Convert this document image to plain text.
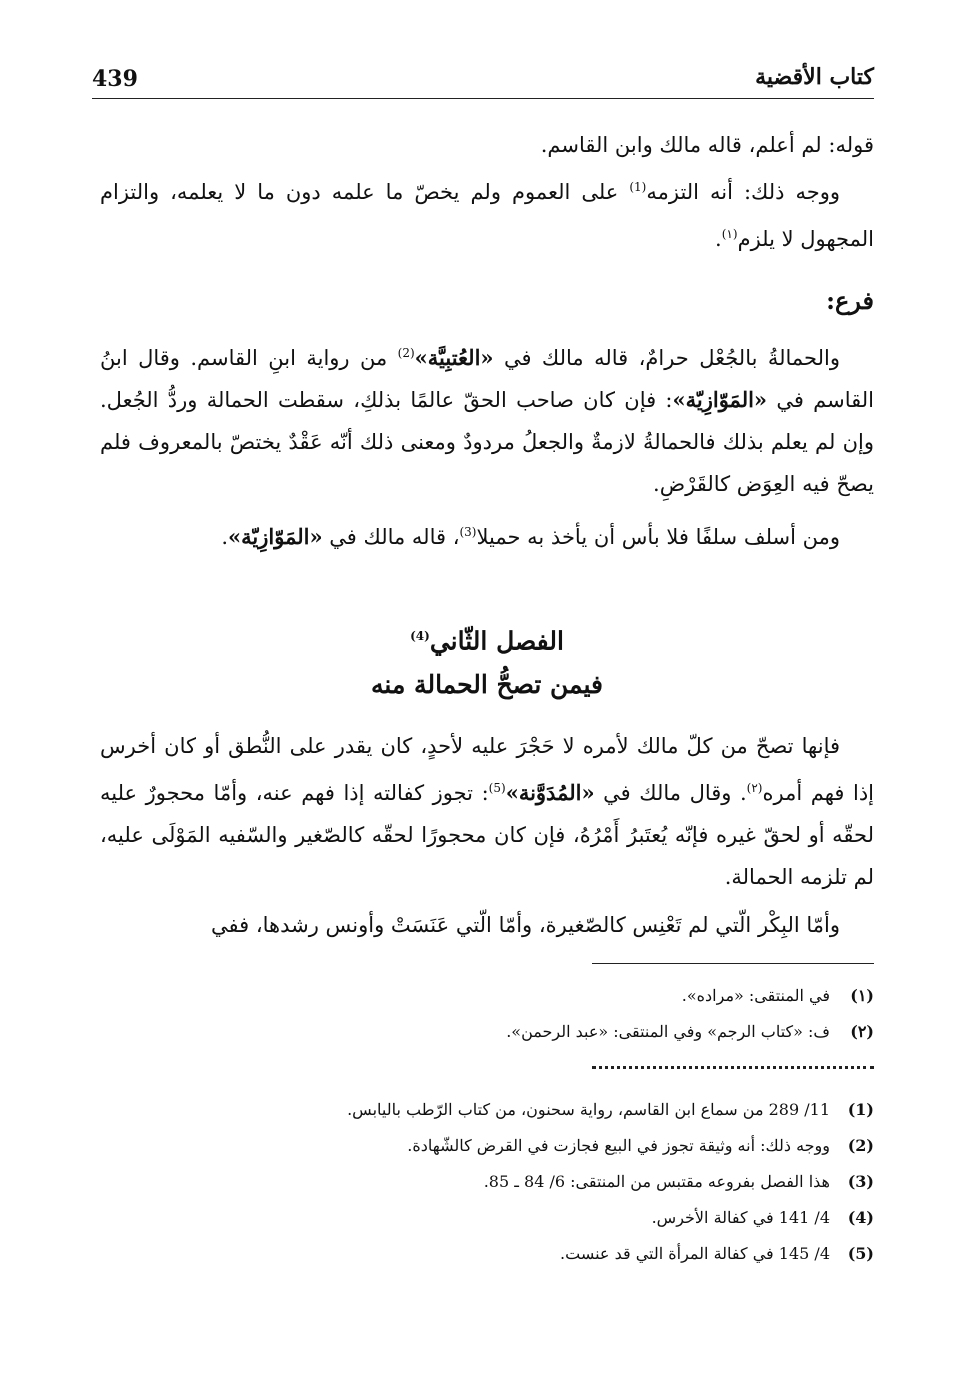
439	كتاب الأقضية

قوله: لم أعلم، قاله مالك وابن القاسم.

ووجه ذلك: أنه التزمه$^{(1)}$ على العموم ولم يخصّ ما علمه دون ما لا يعلمه، والتزام المجهول لا يلزم$^{(١)}$.

فرع:

والحمالةُ بالجُعْل حرامٌ، قاله مالك في «العُتبِيَّة»$^{(2)}$ من رواية ابنِ القاسم. وقال ابنُ القاسم في «المَوّازِيّة»: فإن كان صاحب الحقّ عالمًا بذلكِ، سقطت الحمالة وردُّ الجُعل. وإن لم يعلم بذلك فالحمالةُ لازمةٌ والجعلُ مردودٌ ومعنى ذلك أنّه عَقْدٌ يختصّ بالمعروف فلم يصحّ فيه العِوَض كالقَرْضِ.

ومن أسلف سلفًا فلا بأس أن يأخذ به حميلا$^{(3)}$، قاله مالك في «المَوّازِيّة».

الفصل الثّاني$^{(4)}$

فيمن تصحُّ الحمالة منه

فإنها تصحّ من كلّ مالك لأمره لا حَجْرَ عليه لأحدٍ، كان يقدر على النُّطق أو كان أخرس إذا فهم أمره$^{(٢)}$. وقال مالك في «المُدَوَّنة»$^{(5)}$: تجوز كفالته إذا فهم عنه، وأمّا محجورٌ عليه لحقّه أو لحقّ غيره فإنّه يُعتَبرُ أَمْرُهُ، فإن كان محجورًا لحقّه كالصّغير والسّفيه المَوْلَى عليه، لم تلزمه الحمالة.

وأمّا البِكْر الّتي لم تَعْنِس كالصّغيرة، وأمّا الّتي عَنَسَتْ وأونس رشدها، ففي

(١)
في المنتقى: «مراده».
(٢)
ف: «كتاب الرجم» وفي المنتقى: «عبد الرحمن».
(1)
11/ 289 من سماع ابن القاسم، رواية سحنون، من كتاب الرّطب باليابس.
(2)
ووجه ذلك: أنه وثيقة تجوز في البيع فجازت في القرض كالشّهادة.
(3)
هذا الفصل بفروعه مقتبس من المنتقى: 6/ 84 ـ 85.
(4)
4/ 141 في كفالة الأخرس.
(5)
4/ 145 في كفالة المرأة التي قد عنست.
